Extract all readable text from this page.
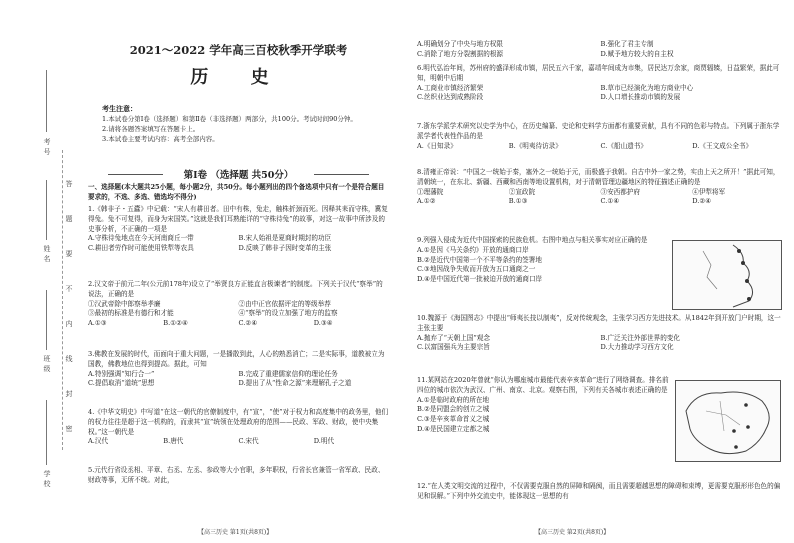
考号
姓名
班级
学校
答
题
要
不
内
线
封
密
2021～2022 学年高三百校秋季开学联考
历 史
考生注意：
1.本试卷分第Ⅰ卷（选择题）和第Ⅱ卷（非选择题）两部分，共100分。考试时间90分钟。
2.请将各题答案填写在答题卡上。
3.本试卷主要考试内容：高考全部内容。
第Ⅰ卷 （选择题 共50分）
一、选择题(本大题共25小题，每小题2分，共50分。每小题列出的四个备选项中只有一个是符合题目要求的，不选、多选、错选均不得分)
1.《韩非子・五蠹》中记载：“宋人有耕田者。田中有株，兔走，触株折颈而死。因释其耒而守株，冀复得兔。兔不可复得，而身为宋国笑。”这就是我们耳熟能详的“守株待兔”的故事，对这一故事中所涉及的史事分析，不正确的一项是
A.守株待兔地点在今天河南商丘一带	B.宋人始祖是夏商时期封的功臣
C.耕田者劳作时可能使用铁犁等农具	D.反映了韩非子因时变革的主张
2.汉文帝于前元二年(公元前178年)设立了“举贤良方正能直言极谏者”的制度。下列关于汉代“察举”的说法，正确的是
①汉武帝除中郎察举孝廉	②由中正官依据评定的等级举荐
③最初的标准是有德行和才能	④“察举”的设立加强了地方的监察
A.①③	B.①②④	C.②④	D.③④
3.佛教在发展的时代，而面向于重大问题，一是播散到此，人心的熟悉消亡；二是实际事，道教被立为国教，佛教地位也得到提高。据此，可知
A.特别强调“知行合一”	B.完成了重建儒家信仰的理论任务
C.提倡取消“道统”思想	D.提出了从“性命之源”来理解孔子之道
4.《中华文明史》中写道“在这一朝代的官僚制度中，有“宣”，“使”对于权力和高度集中的政务里，他们的权力往往是超于这一机构的，而隶其“宣”统领在处理政府的范围——民政、军政、财政，使中央集权。”这一朝代是
A.汉代	B.唐代	C.宋代	D.明代
5.元代行省设丞相、平章、右丞、左丞、参政等大小官职，多年职权，行省长官兼管一省军政、民政、财政等事，无所不统。对此，
【高三历史 第1页(共8页)】
A.明确划分了中央与地方权限	B.强化了君主专制
C.消除了地方分裂割据的根源	D.赋予地方较大的自主权
6.明代弘治年间，苏州府的盛泽形成市镇，居民五六千家，嘉靖年间成为市集，居民达万余家，商贾辐辏，日益繁荣，据此可知，明朝中后期
A.工商业市镇经济繁荣	B.草市已经演化为地方商业中心
C.丝织业达到成熟阶段	D.人口增长推动市镇的发展
7.浙东学派学术研究以史学为中心，在历史编纂、史论和史料学方面都有重要贡献，具有不同的色彩与特点。下列属于浙东学派学者代表性作品的是
A.《日知录》	B.《明夷待访录》	C.《船山遗书》	D.《王文成公全书》
8.清雍正帝说：“中国之一统始于秦，塞外之一统始于元，而极盛于我朝。自古中外一家之势，实由上天之所开！”据此可知，清朝统一，在东北、新疆、西藏和西南等地设置机构，对于清朝管理边疆地区的特征描述正确的是
①理藩院	②宣政院	③安西都护府	④伊犁将军
A.①②	B.①③	C.①④	D.②④
9.列强入侵成为近代中国探索的民族危机。右图中地点与相关事实对应正确的是
A.①是因《马关条约》开放的通商口岸
B.②是近代中国第一个不平等条约的签署地
C.③地因战争失败而开放为五口通商之一
D.④是中国近代第一批被迫开放的通商口岸
10.魏源于《海国图志》中提出“师夷长技以制夷”，反对传统观念，主张学习西方先进技术。从1842年到开放门户时期，这一主张主要
A.抛弃了“天朝上国”观念	B.广泛关注外部世界的变化
C.以富国强兵为主要宗旨	D.大力推动学习西方文化
11.某网站在2020年曾就“你认为哪座城市最能代表辛亥革命”进行了网络调查。排名前四位的城市依次为武汉、广州、南京、北京。观察右图，下列有关各城市表述正确的是
A.①是临时政府的所在地
B.②是同盟会的创立之城
C.③是辛亥革命首义之城
D.④是民国建立定都之城
12.“在人类文明交流的过程中，不仅需要克服自然的屏障和隔阂，而且需要超越思想的障碍和束缚，更需要克服形形色色的偏见和误解。”下列中外交流史中，能体现这一思想的有
【高三历史 第2页(共8页)】
